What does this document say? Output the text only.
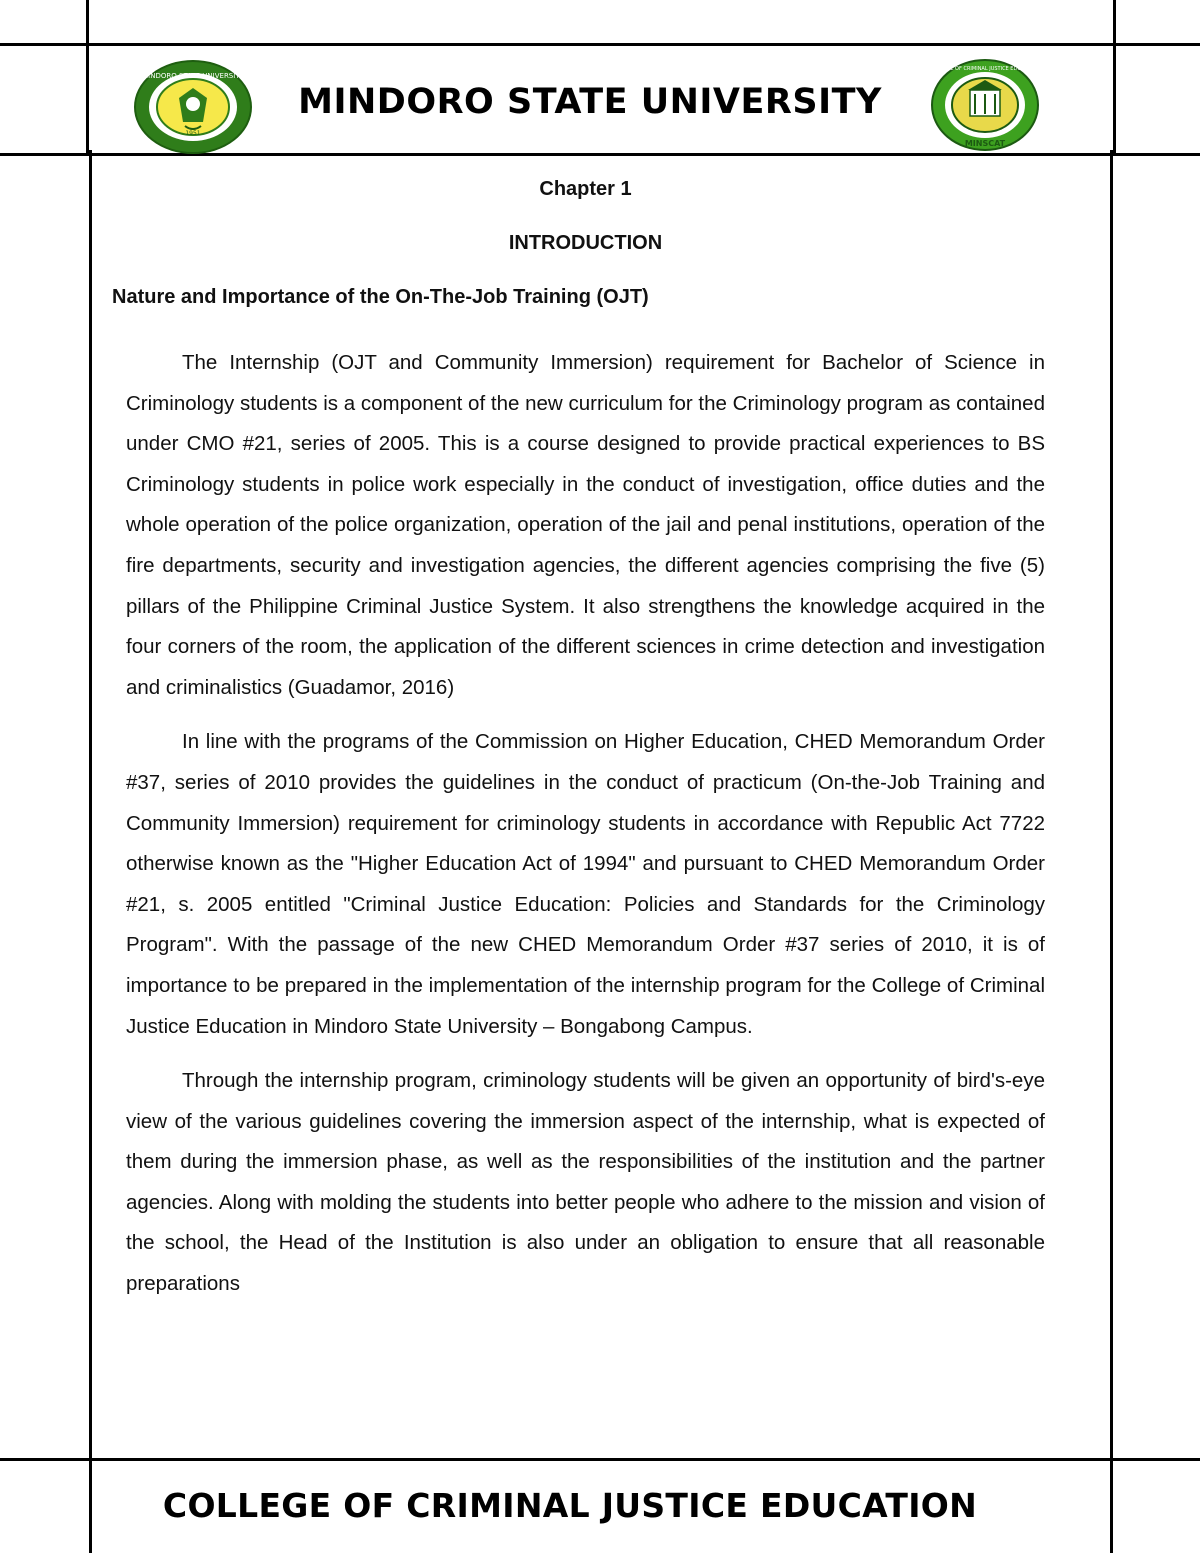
MINDORO STATE UNIVERSITY
1951
MINDORO STATE UNIVERSITY
COLLEGE OF CRIMINAL JUSTICE EDUCATION
MINSCAT
Chapter 1
INTRODUCTION
Nature and Importance of the On-The-Job Training (OJT)

The Internship (OJT and Community Immersion) requirement for Bachelor of Science in Criminology students is a component of the new curriculum for the Criminology program as contained under CMO #21, series of 2005. This is a course designed to provide practical experiences to BS Criminology students in police work especially in the conduct of investigation, office duties and the whole operation of the police organization, operation of the jail and penal institutions, operation of the fire departments, security and investigation agencies, the different agencies comprising the five (5) pillars of the Philippine Criminal Justice System. It also strengthens the knowledge acquired in the four corners of the room, the application of the different sciences in crime detection and investigation and criminalistics (Guadamor, 2016)

In line with the programs of the Commission on Higher Education, CHED Memorandum Order #37, series of 2010 provides the guidelines in the conduct of practicum (On-the-Job Training and Community Immersion) requirement for criminology students in accordance with Republic Act 7722 otherwise known as the "Higher Education Act of 1994" and pursuant to CHED Memorandum Order #21, s. 2005 entitled "Criminal Justice Education: Policies and Standards for the Criminology Program". With the passage of the new CHED Memorandum Order #37 series of 2010, it is of importance to be prepared in the implementation of the internship program for the College of Criminal Justice Education in Mindoro State University – Bongabong Campus.

Through the internship program, criminology students will be given an opportunity of bird's-eye view of the various guidelines covering the immersion aspect of the internship, what is expected of them during the immersion phase, as well as the responsibilities of the institution and the partner agencies. Along with molding the students into better people who adhere to the mission and vision of the school, the Head of the Institution is also under an obligation to ensure that all reasonable preparations

COLLEGE OF CRIMINAL JUSTICE EDUCATION
